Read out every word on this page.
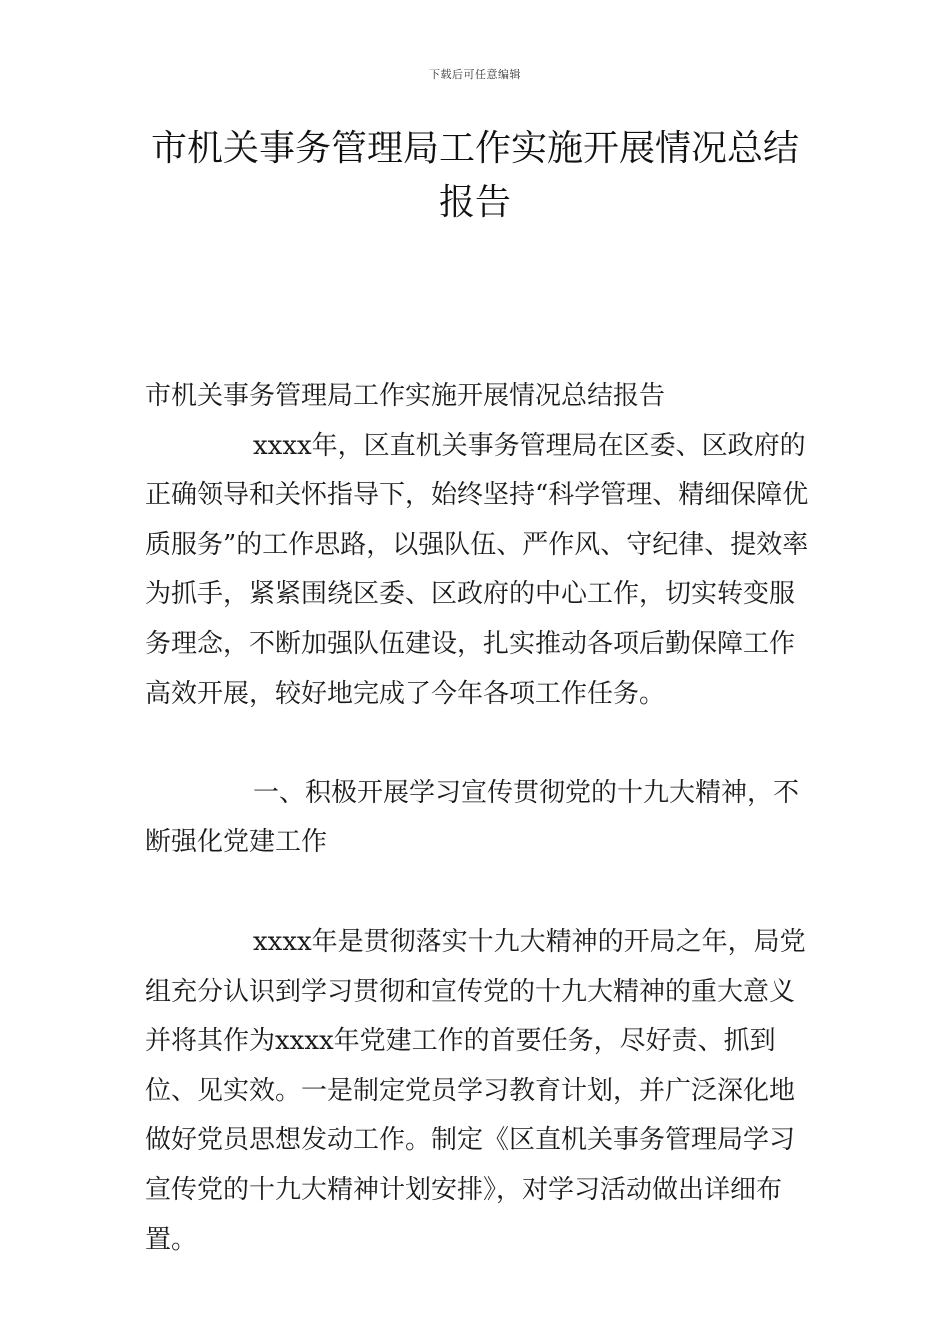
下载后可任意编辑
市机关事务管理局工作实施开展情况总结报告

市机关事务管理局工作实施开展情况总结报告

xxxx年，区直机关事务管理局在区委、区政府的正确领导和关怀指导下，始终坚持“科学管理、精细保障优质服务”的工作思路，以强队伍、严作风、守纪律、提效率为抓手，紧紧围绕区委、区政府的中心工作，切实转变服务理念，不断加强队伍建设，扎实推动各项后勤保障工作高效开展，较好地完成了今年各项工作任务。

一、积极开展学习宣传贯彻党的十九大精神，不断强化党建工作

xxxx年是贯彻落实十九大精神的开局之年，局党组充分认识到学习贯彻和宣传党的十九大精神的重大意义并将其作为xxxx年党建工作的首要任务，尽好责、抓到位、见实效。一是制定党员学习教育计划，并广泛深化地做好党员思想发动工作。制定《区直机关事务管理局学习宣传党的十九大精神计划安排》，对学习活动做出详细布置。
